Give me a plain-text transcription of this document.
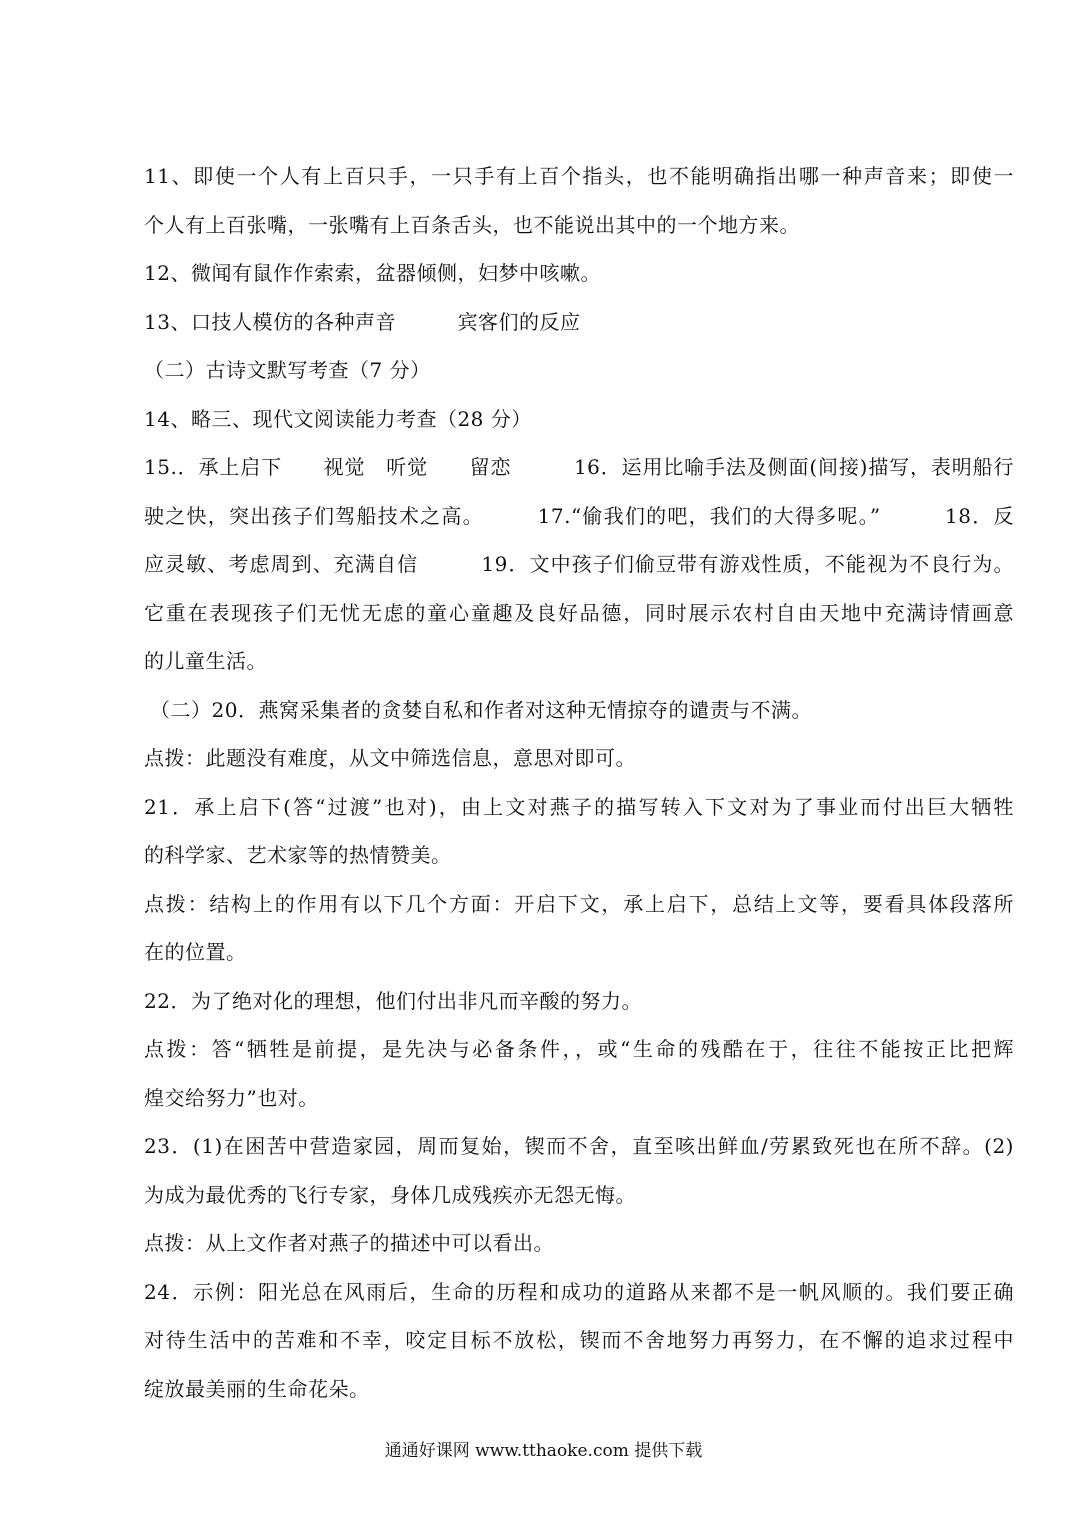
11、即使一个人有上百只手，一只手有上百个指头，也不能明确指出哪一种声音来；即使一
个人有上百张嘴，一张嘴有上百条舌头，也不能说出其中的一个地方来。
12、微闻有鼠作作索索，盆器倾侧，妇梦中咳嗽。
13、口技人模仿的各种声音　　　宾客们的反应
（二）古诗文默写考查（7 分）
14、略三、现代文阅读能力考查（28 分）
15.．承上启下　　视觉　听觉　　留恋　　　16．运用比喻手法及侧面(间接)描写，表明船行
驶之快，突出孩子们驾船技术之高。　　　17.“偷我们的吧，我们的大得多呢。”　　　18．反
应灵敏、考虑周到、充满自信　　　19．文中孩子们偷豆带有游戏性质，不能视为不良行为。
它重在表现孩子们无忧无虑的童心童趣及良好品德，同时展示农村自由天地中充满诗情画意
的儿童生活。
（二）20．燕窝采集者的贪婪自私和作者对这种无情掠夺的谴责与不满。
点拨：此题没有难度，从文中筛选信息，意思对即可。
21．承上启下(答“过渡”也对)，由上文对燕子的描写转入下文对为了事业而付出巨大牺牲
的科学家、艺术家等的热情赞美。
点拨：结构上的作用有以下几个方面：开启下文，承上启下，总结上文等，要看具体段落所
在的位置。
22．为了绝对化的理想，他们付出非凡而辛酸的努力。
点拨：答“牺牲是前提，是先决与必备条件，，或“生命的残酷在于，往往不能按正比把辉
煌交给努力”也对。
23．(1)在困苦中营造家园，周而复始，锲而不舍，直至咳出鲜血/劳累致死也在所不辞。(2)
为成为最优秀的飞行专家，身体几成残疾亦无怨无悔。
点拨：从上文作者对燕子的描述中可以看出。
24．示例：阳光总在风雨后，生命的历程和成功的道路从来都不是一帆风顺的。我们要正确
对待生活中的苦难和不幸，咬定目标不放松，锲而不舍地努力再努力，在不懈的追求过程中
绽放最美丽的生命花朵。
通通好课网 www.tthaoke.com 提供下载
